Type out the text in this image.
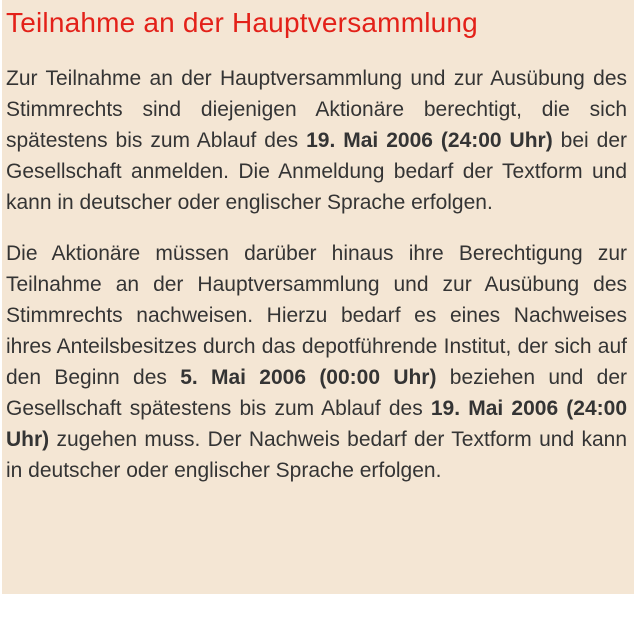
Teilnahme an der Hauptversammlung

Zur Teilnahme an der Hauptversammlung und zur Ausübung des Stimmrechts sind diejenigen Aktionäre berechtigt, die sich spätestens bis zum Ablauf des 19. Mai 2006 (24:00 Uhr) bei der Gesellschaft anmelden. Die Anmeldung bedarf der Textform und kann in deutscher oder englischer Sprache erfolgen.

Die Aktionäre müssen darüber hinaus ihre Berechtigung zur Teilnahme an der Hauptversammlung und zur Ausübung des Stimmrechts nachweisen. Hierzu bedarf es eines Nachweises ihres Anteilsbesitzes durch das depotführende Institut, der sich auf den Beginn des 5. Mai 2006 (00:00 Uhr) beziehen und der Gesellschaft spätestens bis zum Ablauf des 19. Mai 2006 (24:00 Uhr) zugehen muss. Der Nachweis bedarf der Textform und kann in deutscher oder englischer Sprache erfolgen.
